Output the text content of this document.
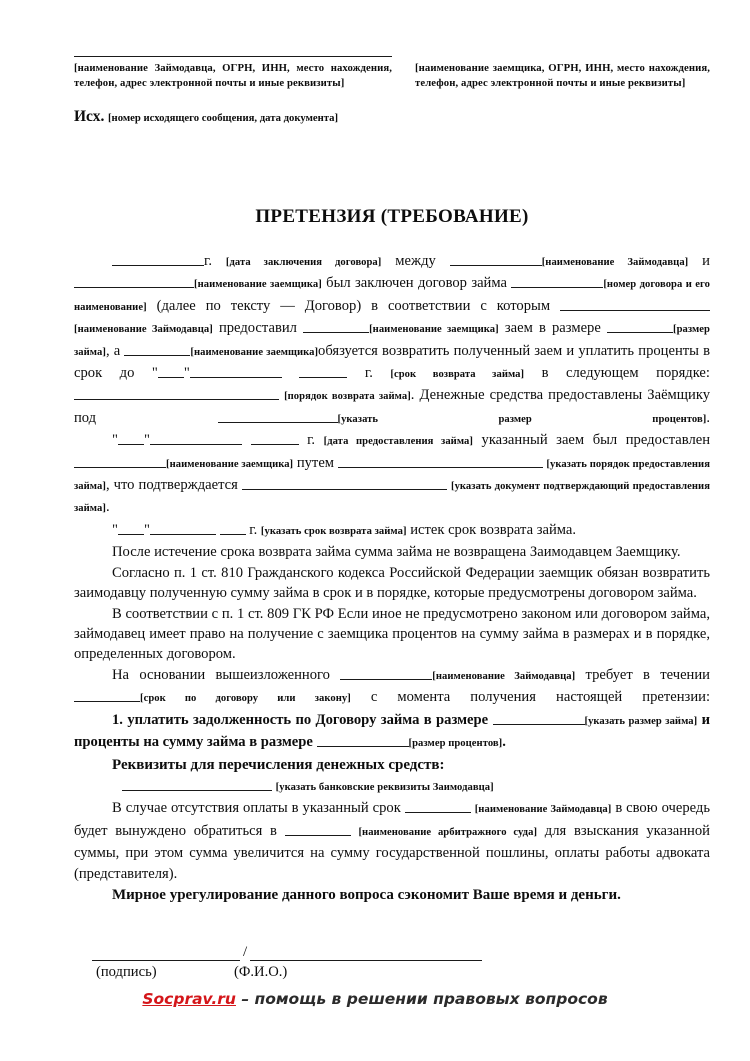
[наименование Займодавца, ОГРН, ИНН, место нахождения, телефон, адрес электронной почты и иные реквизиты]
[наименование заемщика, ОГРН, ИНН, место нахождения, телефон, адрес электронной почты и иные реквизиты]
Исх. [номер исходящего сообщения, дата документа]
ПРЕТЕНЗИЯ (ТРЕБОВАНИЕ)

г. [дата заключения договора] между	[наименование Займодавца] и [наименование заемщика] был заключен договор займа	[номер договора и его наименование] (далее по тексту — Договор) в соответствии с которым [наименование Займодавца] предоставил	[наименование заемщика] заем в размере	[размер займа], а	[наименование заемщика]обязуется возвратить полученный заем и уплатить проценты в срок до " "	г. [срок возврата займа] в следующем порядке:  [порядок возврата займа]. Денежные средства предоставлены Заёмщику под	[указать размер процентов].

" "	г. [дата предоставления займа] указанный заем был предоставлен [наименование заемщика] путем	[указать порядок предоставления займа], что подтверждается	[указать документ подтверждающий предоставления займа].

" "	г. [указать срок возврата займа] истек срок возврата займа.

После истечение срока возврата займа сумма займа не возвращена Заимодавцем Заемщику.

Согласно п. 1 ст. 810 Гражданского кодекса Российской Федерации заемщик обязан возвратить заимодавцу полученную сумму займа в срок и в порядке, которые предусмотрены договором займа.

В соответствии с п. 1 ст. 809 ГК РФ Если иное не предусмотрено законом или договором займа, займодавец имеет право на получение с заемщика процентов на сумму займа в размерах и в порядке, определенных договором.

На основании вышеизложенного	[наименование Займодавца] требует в течении [срок по договору или закону] с момента получения настоящей претензии:

1. уплатить задолженность по Договору займа в размере	[указать размер займа] и проценты на сумму займа в размере	[размер процентов].

Реквизиты для перечисления денежных средств:

[указать банковские реквизиты Заимодавца]

В случае отсутствия оплаты в указанный срок	[наименование Займодавца] в свою очередь будет вынуждено обратиться в	[наименование арбитражного суда] для взыскания указанной суммы, при этом сумма увеличится на сумму государственной пошлины, оплаты работы адвоката (представителя).

Мирное урегулирование данного вопроса сэкономит Ваше время и деньги.

/
(подпись)	(Ф.И.О.)
Socprav.ru – помощь в решении правовых вопросов
